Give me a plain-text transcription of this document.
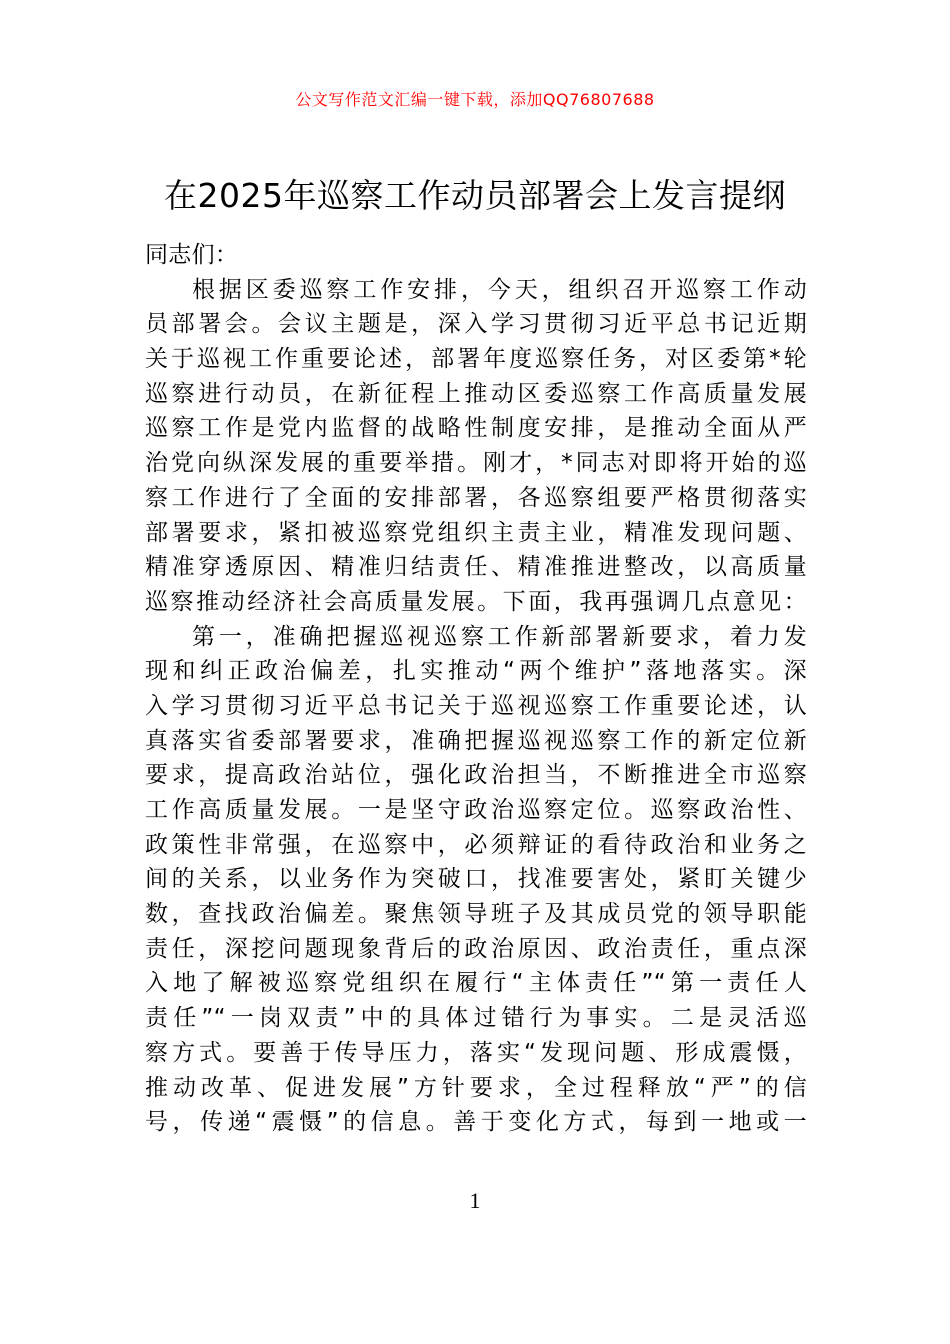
公文写作范文汇编一键下载，添加QQ76807688
在2025年巡察工作动员部署会上发言提纲
同志们：
根据区委巡察工作安排，今天，组织召开巡察工作动
员部署会。会议主题是，深入学习贯彻习近平总书记近期
关于巡视工作重要论述，部署年度巡察任务，对区委第*轮
巡察进行动员，在新征程上推动区委巡察工作高质量发展
巡察工作是党内监督的战略性制度安排，是推动全面从严
治党向纵深发展的重要举措。刚才，*同志对即将开始的巡
察工作进行了全面的安排部署，各巡察组要严格贯彻落实
部署要求，紧扣被巡察党组织主责主业，精准发现问题、
精准穿透原因、精准归结责任、精准推进整改，以高质量
巡察推动经济社会高质量发展。下面，我再强调几点意见：
第一，准确把握巡视巡察工作新部署新要求，着力发
现和纠正政治偏差，扎实推动“两个维护”落地落实。深
入学习贯彻习近平总书记关于巡视巡察工作重要论述，认
真落实省委部署要求，准确把握巡视巡察工作的新定位新
要求，提高政治站位，强化政治担当，不断推进全市巡察
工作高质量发展。一是坚守政治巡察定位。巡察政治性、
政策性非常强，在巡察中，必须辩证的看待政治和业务之
间的关系，以业务作为突破口，找准要害处，紧盯关键少
数，查找政治偏差。聚焦领导班子及其成员党的领导职能
责任，深挖问题现象背后的政治原因、政治责任，重点深
入地了解被巡察党组织在履行“主体责任”“第一责任人
责任”“一岗双责”中的具体过错行为事实。二是灵活巡
察方式。要善于传导压力，落实“发现问题、形成震慑，
推动改革、促进发展”方针要求，全过程释放“严”的信
号，传递“震慑”的信息。善于变化方式，每到一地或一
1
